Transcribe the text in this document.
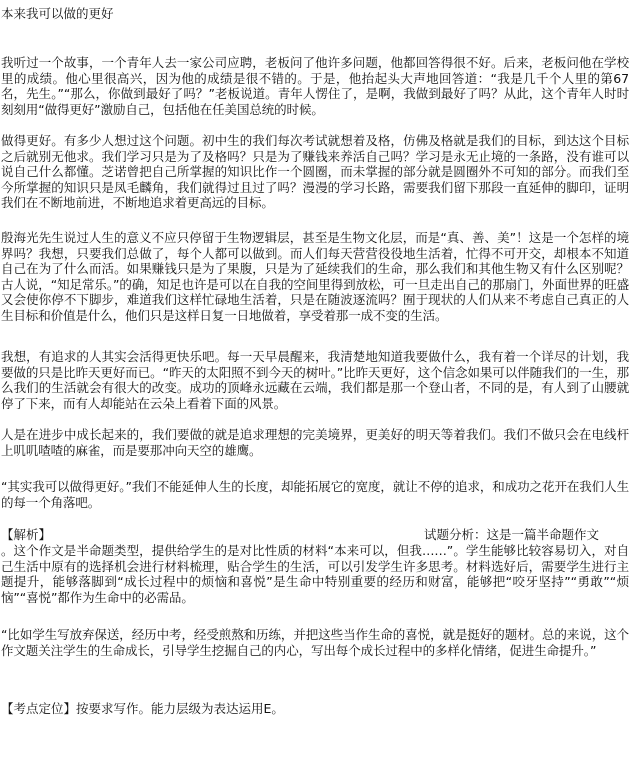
本来我可以做的更好
我听过一个故事，一个青年人去一家公司应聘，老板问了他许多问题，他都回答得很不好。后来，老板问他在学校里的成绩。他心里很高兴，因为他的成绩是很不错的。于是，他抬起头大声地回答道：“我是几千个人里的第67名，先生。”“那么，你做到最好了吗？”老板说道。青年人愣住了，是啊，我做到最好了吗？从此，这个青年人时时刻刻用“做得更好”激励自己，包括他在任美国总统的时候。
做得更好。有多少人想过这个问题。初中生的我们每次考试就想着及格，仿佛及格就是我们的目标，到达这个目标之后就别无他求。我们学习只是为了及格吗？只是为了赚钱来养活自己吗？学习是永无止境的一条路，没有谁可以说自己什么都懂。芝诺曾把自己所掌握的知识比作一个圆圈，而未掌握的部分就是圆圈外不可知的部分。而我们至今所掌握的知识只是凤毛麟角，我们就得过且过了吗？漫漫的学习长路，需要我们留下那段一直延伸的脚印，证明我们在不断地前进，不断地追求着更高远的目标。
殷海光先生说过人生的意义不应只停留于生物逻辑层，甚至是生物文化层，而是“真、善、美”！这是一个怎样的境界吗？我想，只要我们总做了，每个人都可以做到。而人们每天营营役役地生活着，忙得不可开交，却根本不知道自己在为了什么而活。如果赚钱只是为了果腹，只是为了延续我们的生命，那么我们和其他生物又有什么区别呢？古人说，“知足常乐。”的确，知足也许是可以在自我的空间里得到放松，可一旦走出自己的那扇门，外面世界的旺盛又会使你停不下脚步，难道我们这样忙碌地生活着，只是在随波逐流吗？囿于现状的人们从来不考虑自己真正的人生目标和价值是什么，他们只是这样日复一日地做着，享受着那一成不变的生活。
我想，有追求的人其实会活得更快乐吧。每一天早晨醒来，我清楚地知道我要做什么，我有着一个详尽的计划，我要做的只是比昨天更好而已。“昨天的太阳照不到今天的树叶。”比昨天更好，这个信念如果可以伴随我们的一生，那么我们的生活就会有很大的改变。成功的顶峰永远藏在云端，我们都是那一个登山者，不同的是，有人到了山腰就停了下来，而有人却能站在云朵上看着下面的风景。
人是在进步中成长起来的，我们要做的就是追求理想的完美境界，更美好的明天等着我们。我们不做只会在电线杆上叽叽喳喳的麻雀，而是要那冲向天空的雄鹰。
“其实我可以做得更好。”我们不能延伸人生的长度，却能拓展它的宽度，就让不停的追求，和成功之花开在我们人生的每一个角落吧。
【解析】	试题分析：这是一篇半命题作文
。这个作文是半命题类型，提供给学生的是对比性质的材料“本来可以，但我……”。学生能够比较容易切入，对自己生活中原有的选择机会进行材料梳理，贴合学生的生活，可以引发学生许多思考。材料选好后，需要学生进行主题提升，能够落脚到“成长过程中的烦恼和喜悦”是生命中特别重要的经历和财富，能够把“咬牙坚持”“勇敢”“烦恼”“喜悦”都作为生命中的必需品。
“比如学生写放弃保送，经历中考，经受煎熬和历练，并把这些当作生命的喜悦，就是挺好的题材。总的来说，这个作文题关注学生的生命成长，引导学生挖掘自己的内心，写出每个成长过程中的多样化情绪，促进生命提升。”
【考点定位】按要求写作。能力层级为表达运用E。
